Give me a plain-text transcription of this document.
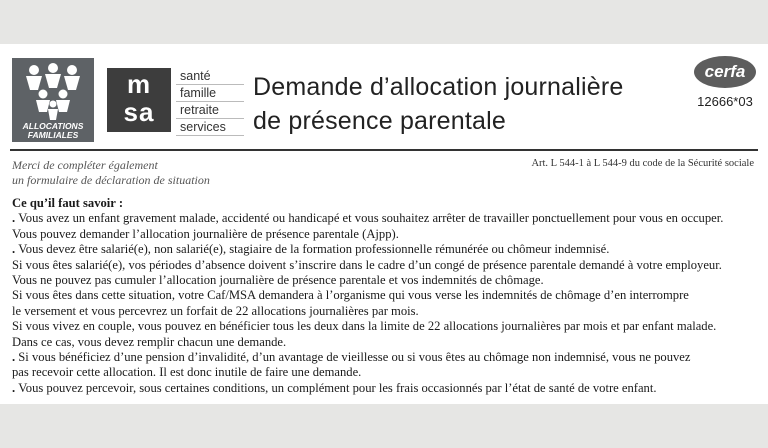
ALLOCATIONS
FAMILIALES
m
sa
santé
famille
retraite
services
Demande d’allocation journalière
de présence parentale
cerfa
12666*03
Merci de compléter également
un formulaire de déclaration de situation
Art. L 544-1 à L 544-9 du code de la Sécurité sociale
Ce qu’il faut savoir :
. Vous avez un enfant gravement malade, accidenté ou handicapé et vous souhaitez arrêter de travailler ponctuellement pour vous en occuper.
Vous pouvez demander l’allocation journalière de présence parentale (Ajpp).
. Vous devez être salarié(e), non salarié(e), stagiaire de la formation professionnelle rémunérée ou chômeur indemnisé.
Si vous êtes salarié(e), vos périodes d’absence doivent s’inscrire dans le cadre d’un congé de présence parentale demandé à votre employeur.
Vous ne pouvez pas cumuler l’allocation journalière de présence parentale et vos indemnités de chômage.
Si vous êtes dans cette situation, votre Caf/MSA demandera à l’organisme qui vous verse les indemnités de chômage d’en interrompre
le versement et vous percevrez un forfait de 22 allocations journalières par mois.
Si vous vivez en couple, vous pouvez en bénéficier tous les deux dans la limite de 22 allocations journalières par mois et par enfant malade.
Dans ce cas, vous devez remplir chacun une demande.
. Si vous bénéficiez d’une pension d’invalidité, d’un avantage de vieillesse ou si vous êtes au chômage non indemnisé, vous ne pouvez
pas recevoir cette allocation. Il est donc inutile de faire une demande.
. Vous pouvez percevoir, sous certaines conditions, un complément pour les frais occasionnés par l’état de santé de votre enfant.
